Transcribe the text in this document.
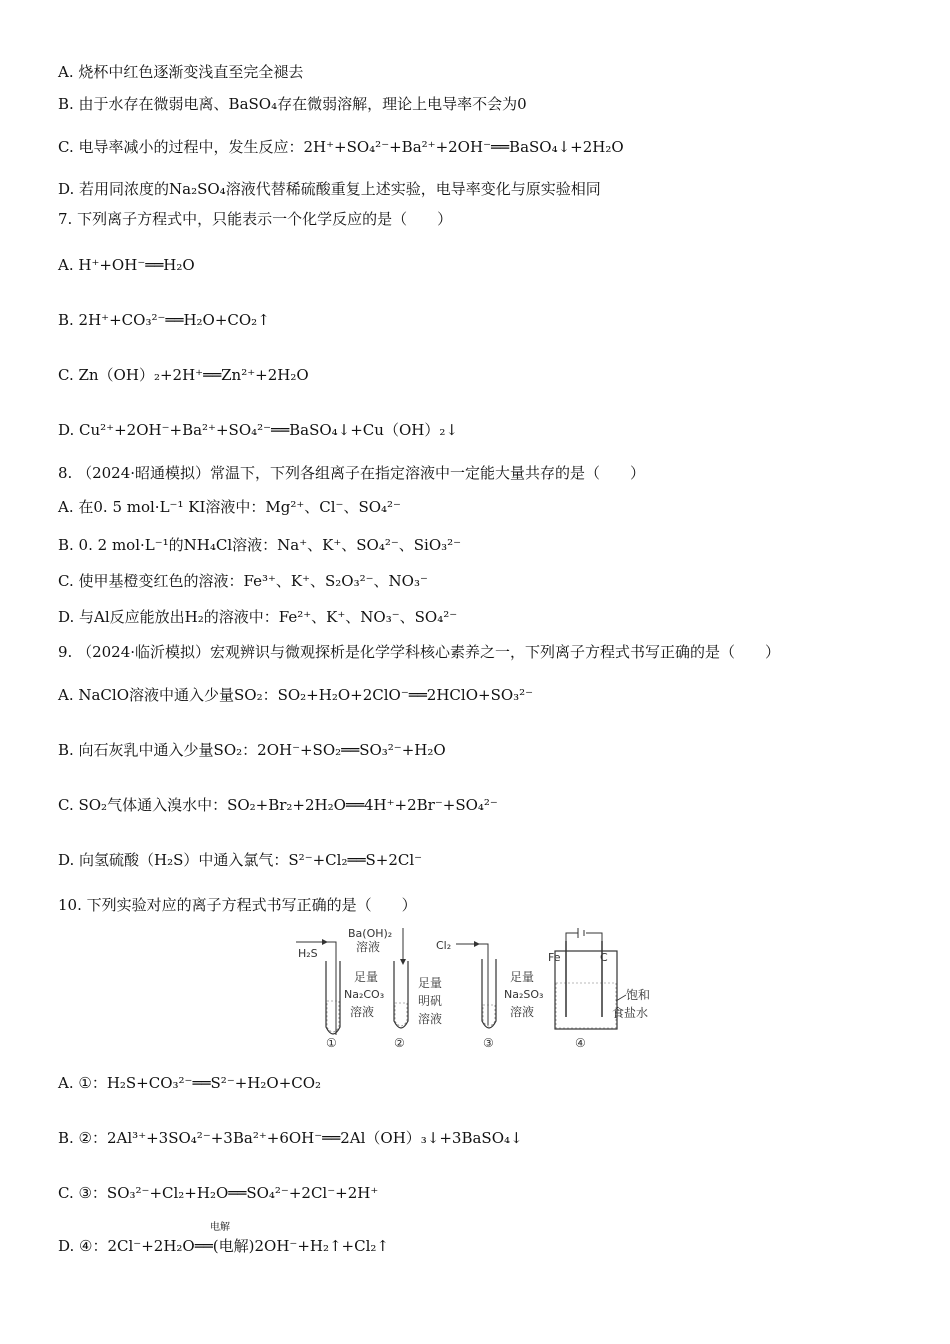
A. 烧杯中红色逐渐变浅直至完全褪去
B. 由于水存在微弱电离、BaSO₄存在微弱溶解，理论上电导率不会为0
C. 电导率减小的过程中，发生反应：2H⁺+SO₄²⁻+Ba²⁺+2OH⁻══BaSO₄↓+2H₂O
D. 若用同浓度的Na₂SO₄溶液代替稀硫酸重复上述实验，电导率变化与原实验相同
7. 下列离子方程式中，只能表示一个化学反应的是（　　）
A. H⁺+OH⁻══H₂O
B. 2H⁺+CO₃²⁻══H₂O+CO₂↑
C. Zn（OH）₂+2H⁺══Zn²⁺+2H₂O
D. Cu²⁺+2OH⁻+Ba²⁺+SO₄²⁻══BaSO₄↓+Cu（OH）₂↓
8. （2024·昭通模拟）常温下，下列各组离子在指定溶液中一定能大量共存的是（　　）
A. 在0. 5 mol·L⁻¹ KI溶液中：Mg²⁺、Cl⁻、SO₄²⁻
B. 0. 2 mol·L⁻¹的NH₄Cl溶液：Na⁺、K⁺、SO₄²⁻、SiO₃²⁻
C. 使甲基橙变红色的溶液：Fe³⁺、K⁺、S₂O₃²⁻、NO₃⁻
D. 与Al反应能放出H₂的溶液中：Fe²⁺、K⁺、NO₃⁻、SO₄²⁻
9. （2024·临沂模拟）宏观辨识与微观探析是化学学科核心素养之一，下列离子方程式书写正确的是（　　）
A. NaClO溶液中通入少量SO₂：SO₂+H₂O+2ClO⁻══2HClO+SO₃²⁻
B. 向石灰乳中通入少量SO₂：2OH⁻+SO₂══SO₃²⁻+H₂O
C. SO₂气体通入溴水中：SO₂+Br₂+2H₂O══4H⁺+2Br⁻+SO₄²⁻
D. 向氢硫酸（H₂S）中通入氯气：S²⁻+Cl₂══S+2Cl⁻
10. 下列实验对应的离子方程式书写正确的是（　　）
H₂S
足量
Na₂CO₃
溶液
①
Ba(OH)₂
溶液
足量
明矾
溶液
②
Cl₂
足量
Na₂SO₃
溶液
③
Fe	C
饱和
食盐水
④
A. ①：H₂S+CO₃²⁻══S²⁻+H₂O+CO₂
B. ②：2Al³⁺+3SO₄²⁻+3Ba²⁺+6OH⁻══2Al（OH）₃↓+3BaSO₄↓
C. ③：SO₃²⁻+Cl₂+H₂O══SO₄²⁻+2Cl⁻+2H⁺
D. ④：2Cl⁻+2H₂O══(电解)2OH⁻+H₂↑+Cl₂↑
电解
